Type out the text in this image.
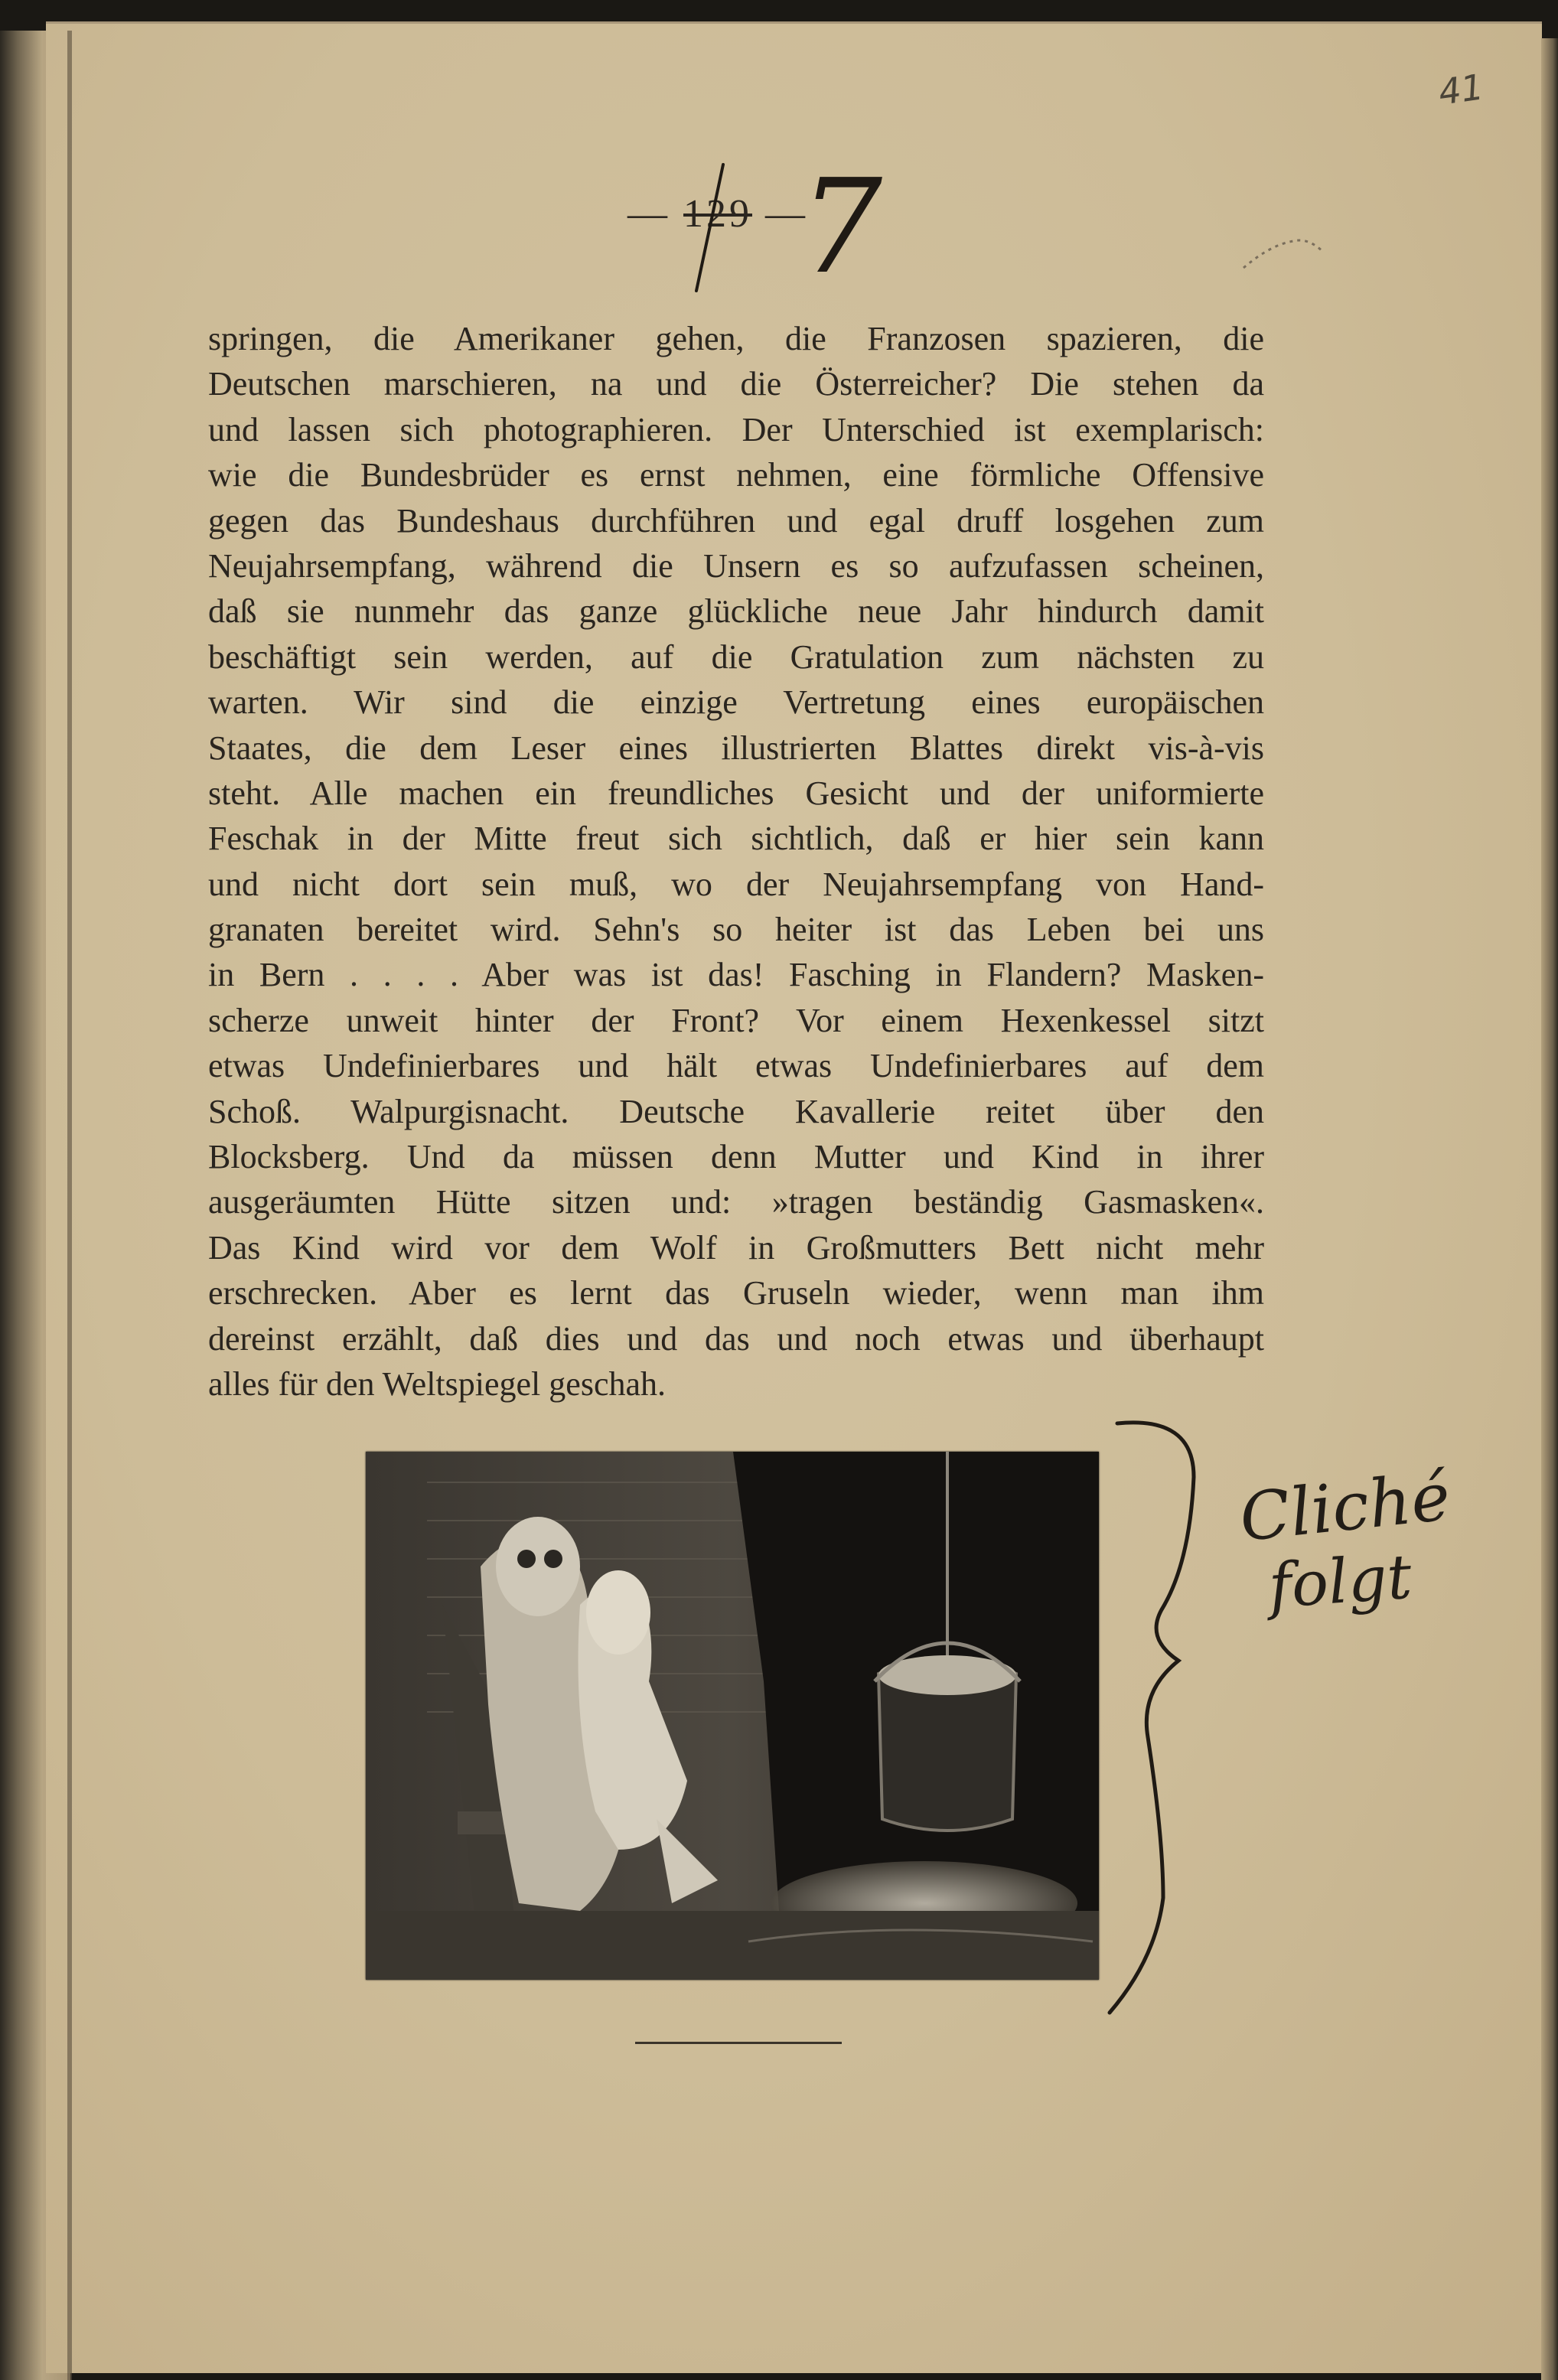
— 129 —
7
41
springen, die Amerikaner gehen, die Franzosen spazieren, die
Deutschen marschieren, na und die Österreicher? Die stehen da
und lassen sich photographieren. Der Unterschied ist exemplarisch:
wie die Bundesbrüder es ernst nehmen, eine förmliche Offensive
gegen das Bundeshaus durchführen und egal druff losgehen zum
Neujahrsempfang, während die Unsern es so aufzufassen scheinen,
daß sie nunmehr das ganze glückliche neue Jahr hindurch damit
beschäftigt sein werden, auf die Gratulation zum nächsten zu
warten. Wir sind die einzige Vertretung eines europäischen
Staates, die dem Leser eines illustrierten Blattes direkt vis-à-vis
steht. Alle machen ein freundliches Gesicht und der uniformierte
Feschak in der Mitte freut sich sichtlich, daß er hier sein kann
und nicht dort sein muß, wo der Neujahrsempfang von Hand-
granaten bereitet wird. Sehn's so heiter ist das Leben bei uns
in Bern . . . . Aber was ist das! Fasching in Flandern? Masken-
scherze unweit hinter der Front? Vor einem Hexenkessel sitzt
etwas Undefinierbares und hält etwas Undefinierbares auf dem
Schoß. Walpurgisnacht. Deutsche Kavallerie reitet über den
Blocksberg. Und da müssen denn Mutter und Kind in ihrer
ausgeräumten Hütte sitzen und: »tragen beständig Gasmasken«.
Das Kind wird vor dem Wolf in Großmutters Bett nicht mehr
erschrecken. Aber es lernt das Gruseln wieder, wenn man ihm
dereinst erzählt, daß dies und das und noch etwas und überhaupt
alles für den Weltspiegel geschah.
Cliché
folgt
